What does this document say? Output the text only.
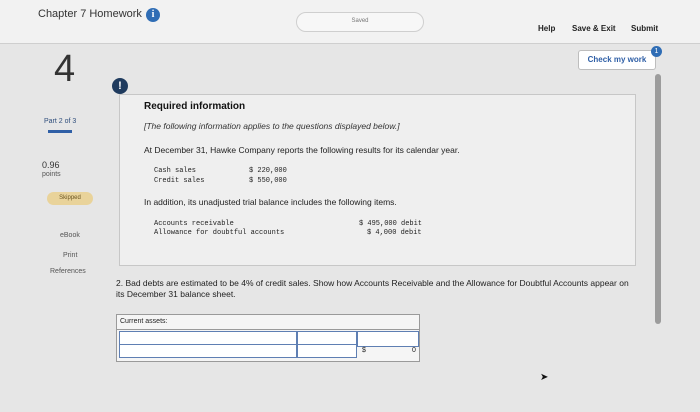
Chapter 7 Homework i
Saved
Help Save & Exit Submit
4	Check my work
1
!
Part 2 of 3
0.96
points
Skipped
eBook
Print
References
Required information
[The following information applies to the questions displayed below.]
At December 31, Hawke Company reports the following results for its calendar year.
Cash sales	$ 220,000
Credit sales	$ 550,000
In addition, its unadjusted trial balance includes the following items.
Accounts receivable	$ 495,000 debit
Allowance for doubtful accounts	$ 4,000 debit
2. Bad debts are estimated to be 4% of credit sales. Show how Accounts Receivable and the Allowance for Doubtful Accounts appear on its December 31 balance sheet.
Current assets:
$	0
➤
